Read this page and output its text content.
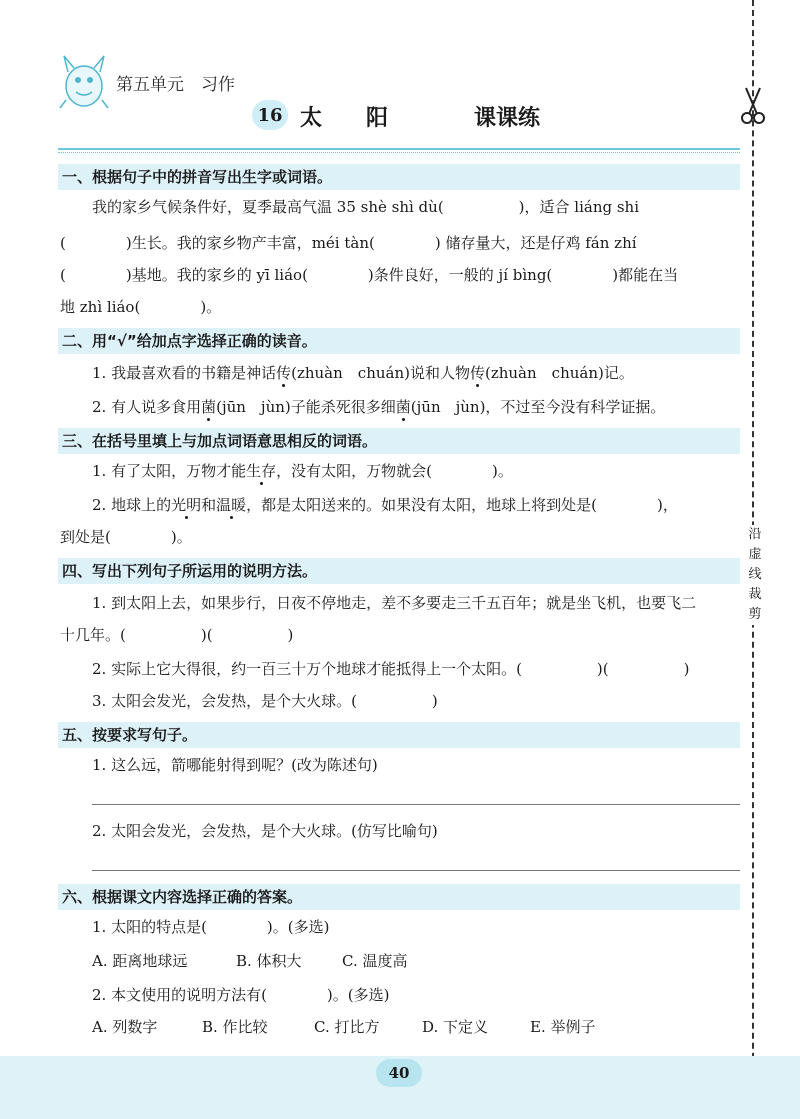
第五单元　习作
16 太　　阳	课课练
沿虚线裁剪
一、根据句子中的拼音写出生字或词语。
我的家乡气候条件好，夏季最高气温 35 shè shì dù(　　　　　)，适合 liáng shi
(　　　　)生长。我的家乡物产丰富，méi tàn(　　　　) 储存量大，还是仔鸡 fán zhí
(　　　　)基地。我的家乡的 yī liáo(　　　　)条件良好，一般的 jí bìng(　　　　)都能在当
地 zhì liáo(　　　　)。
二、用“√”给加点字选择正确的读音。
1. 我最喜欢看的书籍是神话传(zhuàn　chuán)说和人物传(zhuàn　chuán)记。
2. 有人说多食用菌(jūn　jùn)子能杀死很多细菌(jūn　jùn)，不过至今没有科学证据。
三、在括号里填上与加点词语意思相反的词语。
1. 有了太阳，万物才能生存，没有太阳，万物就会(　　　　)。
2. 地球上的光明和温暖，都是太阳送来的。如果没有太阳，地球上将到处是(　　　　)，
到处是(　　　　)。
四、写出下列句子所运用的说明方法。
1. 到太阳上去，如果步行，日夜不停地走，差不多要走三千五百年；就是坐飞机，也要飞二
十几年。(　　　　　)(　　　　　)
2. 实际上它大得很，约一百三十万个地球才能抵得上一个太阳。(　　　　　)(　　　　　)
3. 太阳会发光，会发热，是个大火球。(　　　　　)
五、按要求写句子。
1. 这么远，箭哪能射得到呢？(改为陈述句)
2. 太阳会发光，会发热，是个大火球。(仿写比喻句)
六、根据课文内容选择正确的答案。
1. 太阳的特点是(　　　　)。(多选)
A. 距离地球远	B. 体积大	C. 温度高
2. 本文使用的说明方法有(　　　　)。(多选)
A. 列数字	B. 作比较	C. 打比方	D. 下定义	E. 举例子
40
